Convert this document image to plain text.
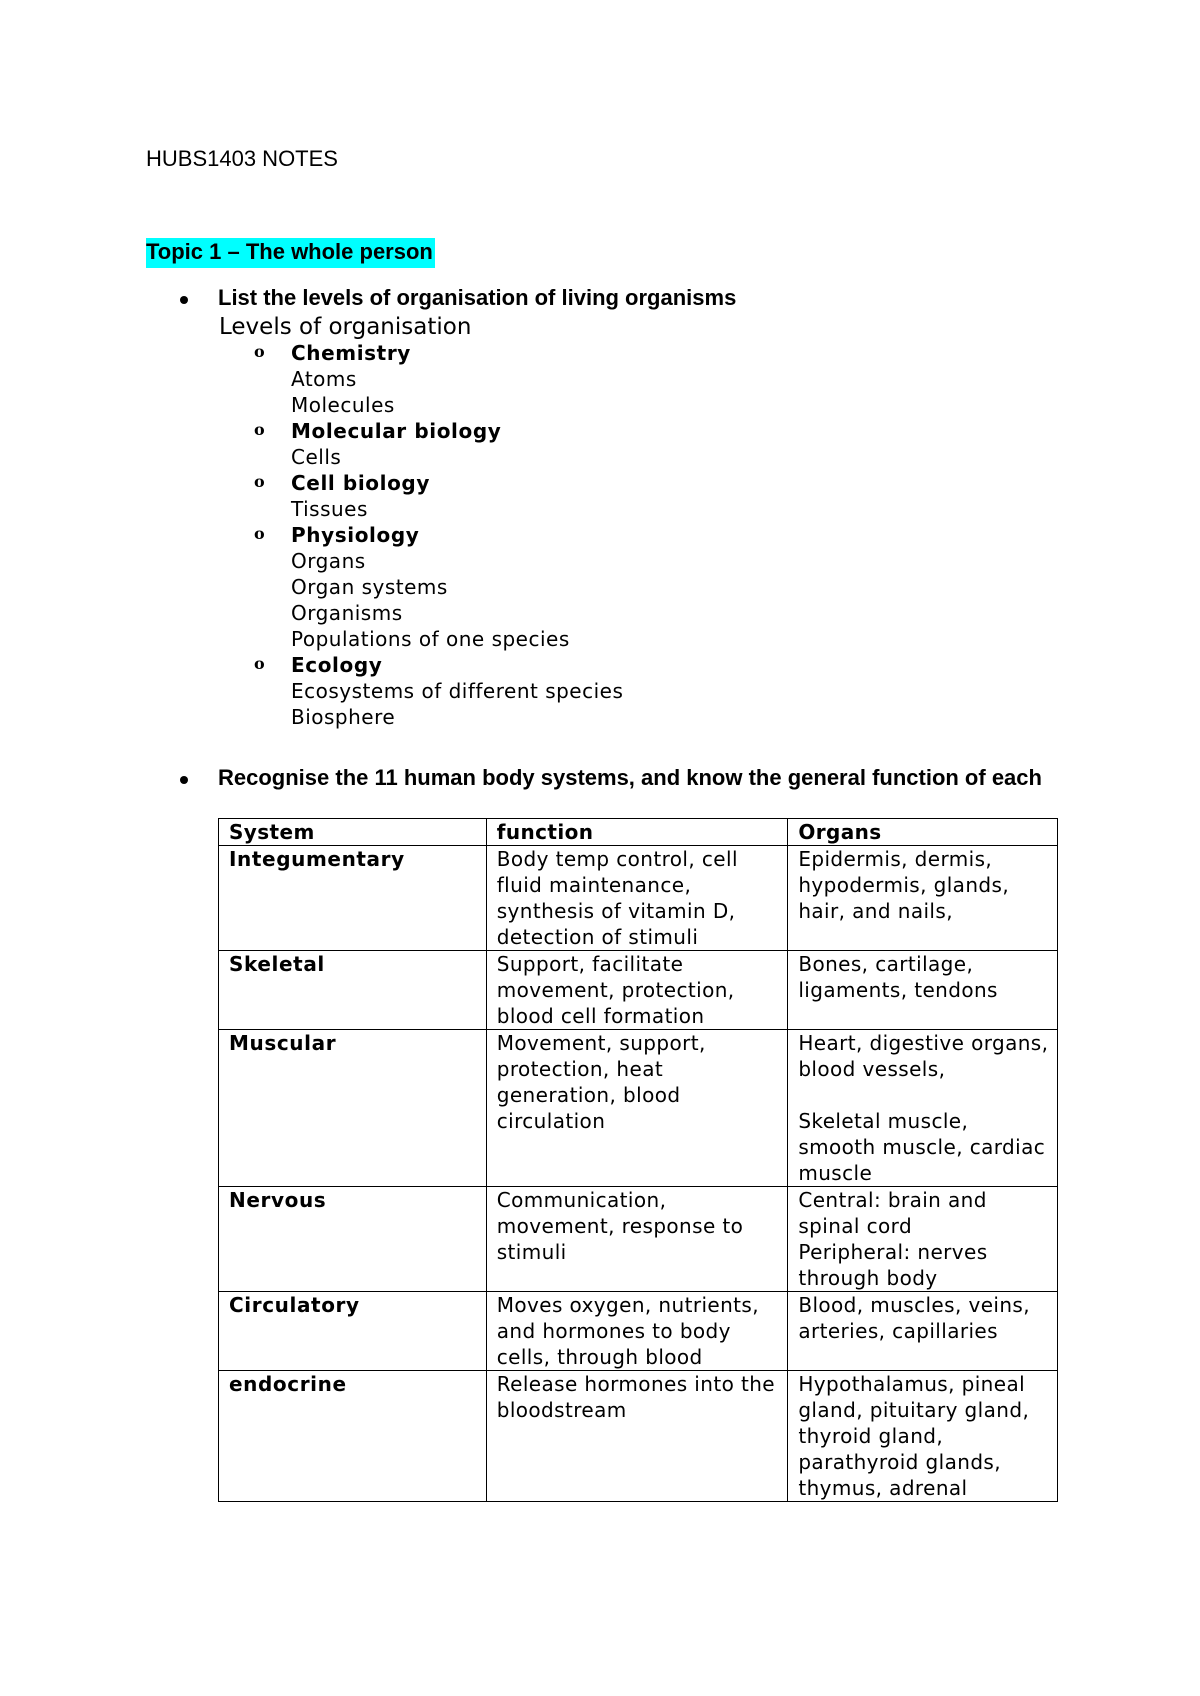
HUBS1403 NOTES
Topic 1 – The whole person
List the levels of organisation of living organisms
Levels of organisation
o Chemistry
Atoms
Molecules
o Molecular biology
Cells
o Cell biology
Tissues
o Physiology
Organs
Organ systems
Organisms
Populations of one species
o Ecology
Ecosystems of different species
Biosphere
Recognise the 11 human body systems, and know the general function of each
System	function	Organs
Integumentary	Body temp control, cell fluid maintenance, synthesis of vitamin D, detection of stimuli	Epidermis, dermis, hypodermis, glands, hair, and nails,
Skeletal	Support, facilitate movement, protection, blood cell formation	Bones, cartilage, ligaments, tendons
Muscular	Movement, support, protection, heat generation, blood circulation	Heart, digestive organs, blood vessels,
Skeletal muscle, smooth muscle, cardiac muscle
Nervous	Communication, movement, response to stimuli	Central: brain and spinal cord
Peripheral: nerves through body

Circulatory	Moves oxygen, nutrients, and hormones to body cells, through blood	Blood, muscles, veins, arteries, capillaries
endocrine	Release hormones into the bloodstream	Hypothalamus, pineal gland, pituitary gland, thyroid gland, parathyroid glands, thymus, adrenal
